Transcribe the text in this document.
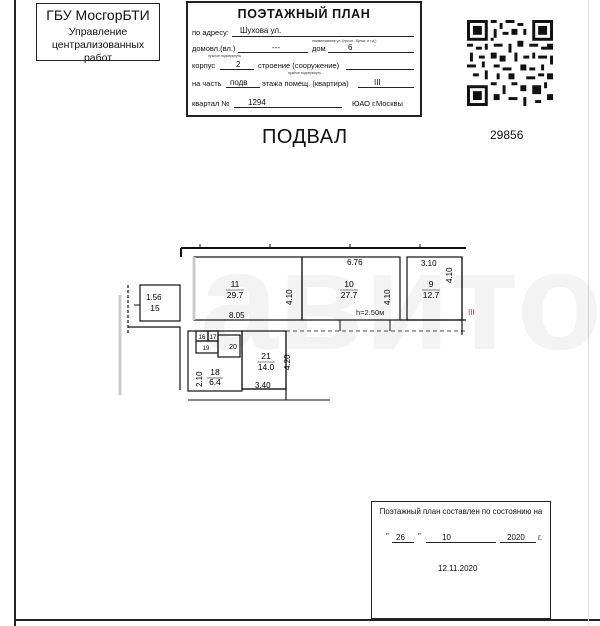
ГБУ МосгорБТИ
Управление
централизованных работ
ПОЭТАЖНЫЙ ПЛАН
по адресу: Шухова ул.
наименование ул. (просп., бульв. и т.д.)
домовл.(вл.)	---	дом	6
нужное подчеркнуть
корпус	2 строение (сооружение)
нужное подчеркнуть
на часть подв этажа помещ. (квартира)	III
квартал № 1294	ЮАО г.Москвы
29856
ПОДВАЛ
6.76	3.10
4.10	4.10
4.10
8.05
1.56
4.20
2.10	3.40
h=2.50м	III
11
29.7
10
27.7
9
12.7
15
21
14.0
18
6.4
20
19
17
16
Поэтажный план составлен по состоянию на
" 26 "	10	2020 г.
12.11.2020
